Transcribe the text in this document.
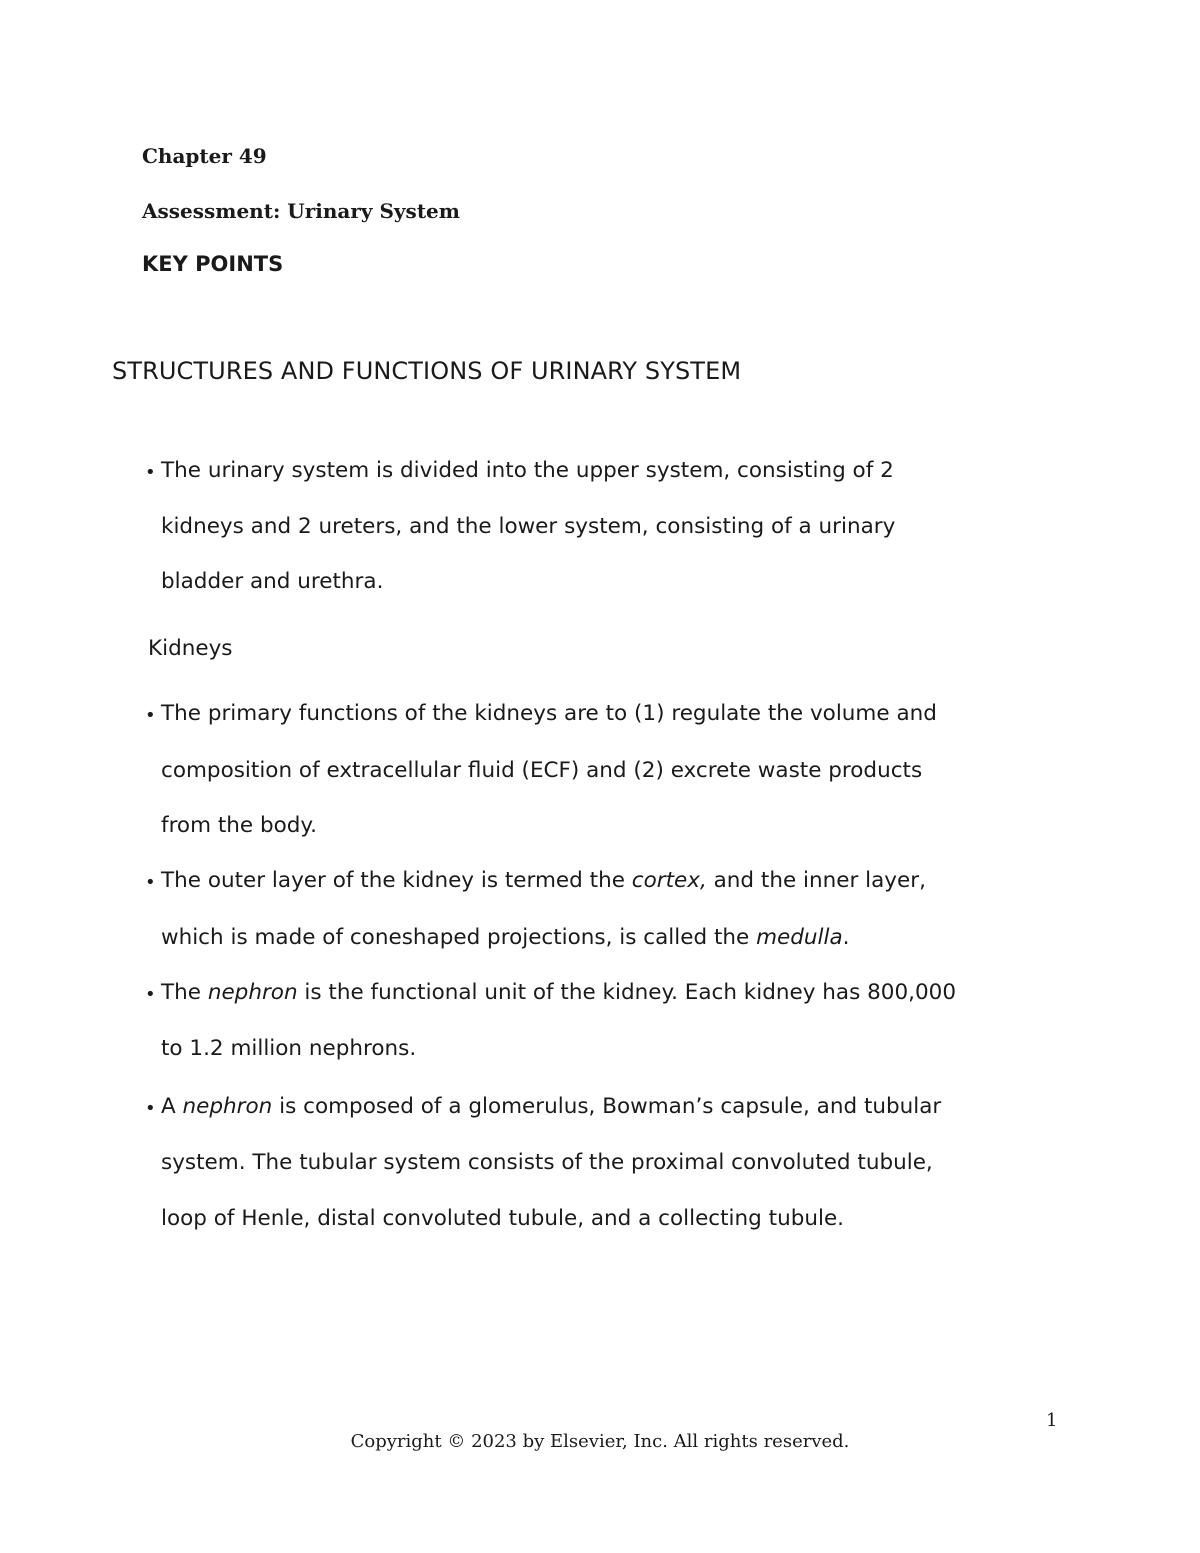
Chapter 49
Assessment: Urinary System
KEY POINTS
STRUCTURES AND FUNCTIONS OF URINARY SYSTEM
• The urinary system is divided into the upper system, consisting of 2
kidneys and 2 ureters, and the lower system, consisting of a urinary
bladder and urethra.
Kidneys
• The primary functions of the kidneys are to (1) regulate the volume and
composition of extracellular fluid (ECF) and (2) excrete waste products
from the body.
• The outer layer of the kidney is termed the cortex, and the inner layer,
which is made of coneshaped projections, is called the medulla.
• The nephron is the functional unit of the kidney. Each kidney has 800,000
to 1.2 million nephrons.
• A nephron is composed of a glomerulus, Bowman’s capsule, and tubular
system. The tubular system consists of the proximal convoluted tubule,
loop of Henle, distal convoluted tubule, and a collecting tubule.
1
Copyright © 2023 by Elsevier, Inc. All rights reserved.
